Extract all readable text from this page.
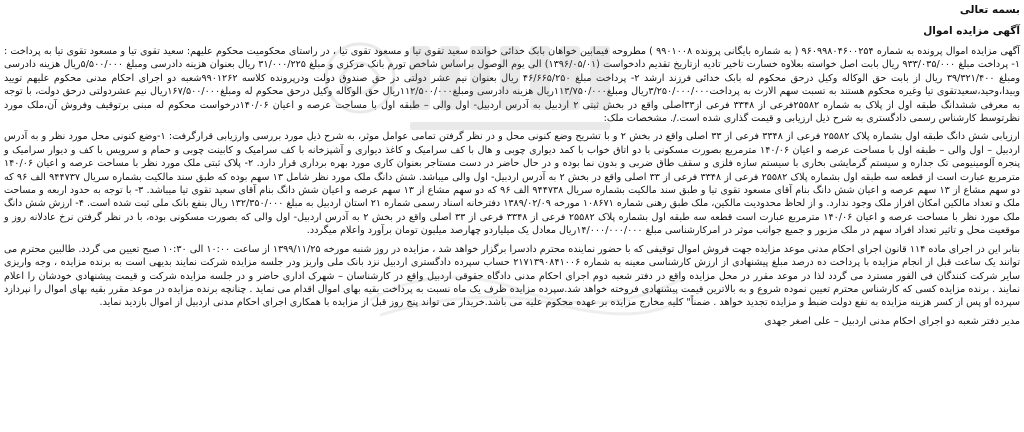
بسمه تعالی

آگهی مزایده اموال

آگهی مزایده اموال پرونده به شماره ۹۶۰۹۹۸۰۴۶۰۰۲۵۴ ( به شماره بایگانی پرونده ۹۹۰۱۰۰۸ ) مطروحه فیمابین خواهان بابک خدائی خوانده سعید تقوی تیا و مسعود تقوی تیا ، در راستای محکومیت محکوم علیهم: سعید تقوی تیا و مسعود تقوی تیا به پرداخت : ۱- پرداخت مبلغ ۹۳۳/۰۳۵/۰۰۰ ریال بابت اصل خواسته بعلاوه خسارت تاخیر تادیه ازتاریخ تقدیم دادخواست (۱۳۹۶/۰۵/۰۱) الی یوم الوصول براساس شاخص تورم بانک مرکزی و مبلغ ۳۱/۰۰۰/۲۲۵ ریال بعنوان هزینه دادرسی ومبلغ ۵/۵۰۰/۰۰۰ریال هزینه دادرسی ومبلغ ۳۹/۳۲۱/۴۰۰ ریال از بابت حق الوکاله وکیل درحق محکوم له بابک خدائی فرزند ارشد ۲- پرداخت مبلغ ۴۶/۶۶۵/۲۵۰ ریال بعنوان نیم عشر دولتی در حق صندوق دولت ودرپرونده کلاسه ۹۹۰۱۲۶۲شعبه دو اجرای احکام مدنی محکوم علیهم تویید وبیدا،وحید،سعیدتقوی تیا وغیره محکوم هستند به تسبت سهم الارث به پرداخت۳/۲۵۰/۰۰۰/۰۰۰ریال ومبلغ۱۱۳/۷۵۰/۰۰۰ریال هزینه دادرسی ومبلغ۱۱۲/۵۰۰/۰۰۰ریال حق الوکاله وکیل درحق محکوم له ومبلغ۱۶۷/۵۰۰/۰۰۰ریال نیم عشردولتی درحق دولت، با توجه به معرفی ششدانگ طبقه اول از پلاک به شماره ۲۵۵۸۲فرعی از ۳۳۴۸ فرعی از۳۳اصلی واقع در بخش ثبتی ۲ اردبیل به آدرس اردبیل- اول والی – طبقه اول با مساحت عرصه و اعیان ۱۴۰/۰۶درخواست محکوم له مبنی برتوقیف وفروش آن،ملک مورد نظرتوسط کارشناس رسمی دادگستری به شرح ذیل ارزیابی و قیمت گذاری شده است./. مشخصات ملک:

ارزیابی شش دانگ طبقه اول بشماره پلاک ۲۵۵۸۲ فرعی از ۳۳۴۸ فرعی از ۳۳ اصلی واقع در بخش ۲ و با تشریح وضع کنونی محل و در نظر گرفتن تمامی عوامل موثر، به شرح ذیل مورد بررسی وارزیابی قرارگرفت: ۱-وضع کنونی محل مورد نظر و به آدرس اردبیل – اول والی – طبقه اول با مساحت عرصه و اعیان ۱۴۰/۰۶ مترمربع بصورت مسکونی با دو اتاق خواب با کمد دیواری چوبی و هال با کف سرامیک و کاغذ دیواری و آشپزخانه با کف سرامیک و کابینت چوبی و حمام و سرویس با کف و دیوار سرامیک و پنجره آلومینیومی تک جداره و سیستم گرمایشی بخاری با سیستم سازه فلزی و سقف طاق ضربی و بدون نما بوده و در حال حاضر در دست مستاجر بعنوان کاری مورد بهره برداری قرار دارد. ۲- پلاک ثبتی ملک مورد نظر با مساحت عرصه و اعیان ۱۴۰/۰۶ مترمربع عبارت است از قطعه سه طبقه اول بشماره پلاک ۲۵۵۸۲ فرعی از ۳۳۴۸ فرعی از ۳۳ اصلی واقع در بخش ۲ به آدرس اردبیل- اول والی میباشد. شش دانگ ملک مورد نظر شامل ۱۳ سهم بوده که طبق سند مالکیت بشماره سریال ۹۴۴۷۳۷ الف ۹۶ که دو سهم مشاع از ۱۳ سهم عرصه و اعیان شش دانگ بنام آقای مسعود تقوی تیا و طبق سند مالکیت بشماره سریال ۹۴۴۷۳۸ الف ۹۶ که دو سهم مشاع از ۱۳ سهم عرصه و اعیان شش دانگ بنام آقای سعید تقوی تیا میباشد. ۳- با توجه به حدود اربعه و مساحت ملک و تعداد مالکین امکان افراز ملک وجود ندارد. و از لحاظ محدودیت مالکین، ملک طبق رهنی شماره ۱۰۸۶۷۱ مورخه ۱۳۸۹/۰۲/۰۹ دفترخانه اسناد رسمی شماره ۲۱ استان اردبیل به مبلغ ۱۳۲/۳۵۰/۰۰۰ ریال بنفع بانک ملی ثبت شده است. ۴- ارزش شش دانگ ملک مورد نظر با مساحت عرصه و اعیان ۱۴۰/۰۶ مترمربع عبارت است قطعه سه طبقه اول بشماره پلاک ۲۵۵۸۲ فرعی از ۳۳۴۸ فرعی از ۳۳ اصلی واقع در بخش ۲ به آدرس اردبیل- اول والی که بصورت مسکونی بوده، با در نظر گرفتن نرخ عادلانه روز و موقعیت محل و تاثیر تعداد افراد سهم در ملک مزبور و جمیع جوانب موثر در امرکارشناسی مبلغ ۱۴/۰۰۰/۰۰۰/۰۰۰ریال معادل یک میلیاردو چهارصد میلیون تومان برآورد واعلام میگردد.

بنابر این در اجرای ماده ۱۱۴ قانون اجرای احکام مدنی موعد مزایده جهت فروش اموال توقیفی که با حضور نماینده محترم دادسرا برگزار خواهد شد ، مزایده در روز شنبه مورخه ۱۳۹۹/۱۱/۲۵ از ساعت ۱۰:۰۰ الی ۱۰:۳۰ صبح تعیین می گردد. طالبین محترم می توانند یک ساعت قبل از انجام مزایده با پرداخت ده درصد مبلغ پیشنهادی از ارزش کارشناسی معینه به شماره ۲۱۷۱۳۹۰۸۴۱۰۰۶ حساب سپرده دادگستری اردبیل نزد بانک ملی واریز ودر جلسه مزایده شرکت نمایند بدیهی است به برنده مزایده ، وجه واریزی سایر شرکت کنندگان فی الفور مسترد می گردد لذا در موعد مقرر در محل مزایده واقع در دفتر شعبه دوم اجرای احکام مدنی دادگاه حقوقی اردبیل واقع در کارشناسان – شهرک اداری حاضر و در جلسه مزایده شرکت و قیمت پیشنهادی خودشان را اعلام نمایند . برنده مزایده کسی که کارشناس محترم تعیین نموده شروع و به بالاترین قیمت پیشنهادی فروخته خواهد شد.سپرده مزایده ظرف یک ماه نسبت به پرداخت بقیه بهای اموال اقدام می نماید . چنانچه برنده مزایده در موعد مقرر بقیه بهای اموال را نپردازد سپرده او پس از کسر هزینه مزایده به نفع دولت ضبط و مزایده تجدید خواهد . ضمناً" کلیه مخارج مزایده بر عهده محکوم علیه می باشد.خریدار می تواند پنج روز قبل از مزایده با همکاری اجرای احکام مدنی اردبیل از اموال بازدید نماید.

مدیر دفتر شعبه دو اجرای احکام مدنی اردبیل – علی اصغر جهدی
